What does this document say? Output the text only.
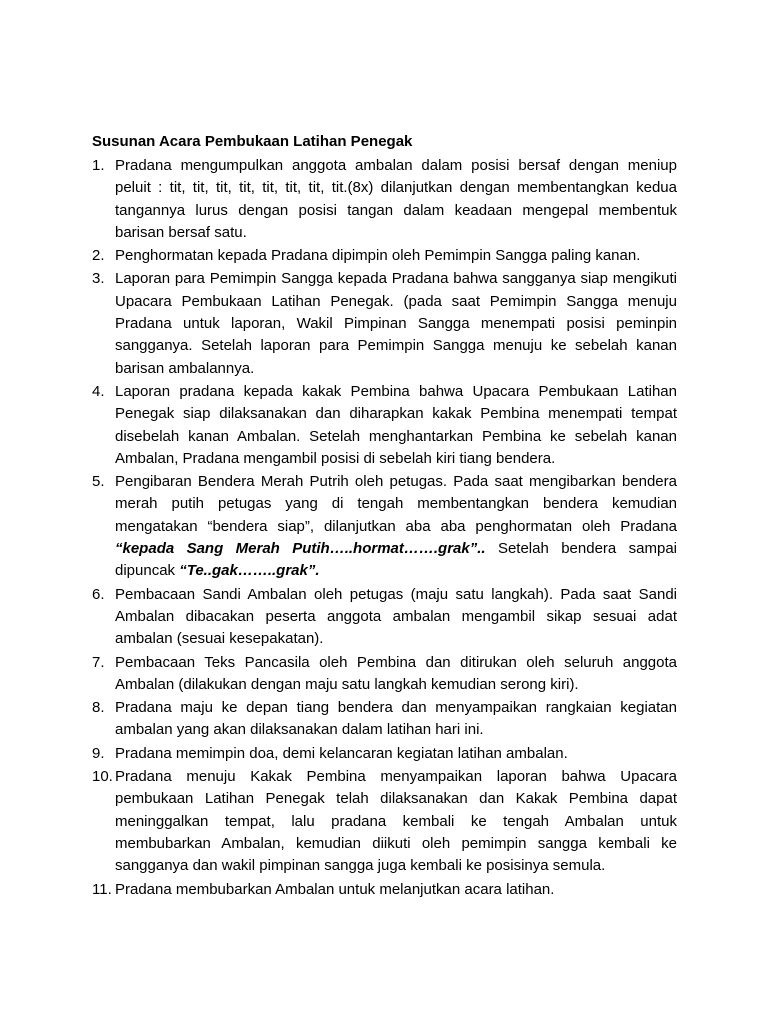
Susunan Acara Pembukaan Latihan Penegak
1. Pradana mengumpulkan anggota ambalan dalam posisi bersaf dengan meniup peluit : tit, tit, tit, tit, tit, tit, tit, tit.(8x) dilanjutkan dengan membentangkan kedua tangannya lurus dengan posisi tangan dalam keadaan mengepal membentuk barisan bersaf satu.
2. Penghormatan kepada Pradana dipimpin oleh Pemimpin Sangga paling kanan.
3. Laporan para Pemimpin Sangga kepada Pradana bahwa sangganya siap mengikuti Upacara Pembukaan Latihan Penegak. (pada saat Pemimpin Sangga menuju Pradana untuk laporan, Wakil Pimpinan Sangga menempati posisi peminpin sangganya. Setelah laporan para Pemimpin Sangga menuju ke sebelah kanan barisan ambalannya.
4. Laporan pradana kepada kakak Pembina bahwa Upacara Pembukaan Latihan Penegak siap dilaksanakan dan diharapkan kakak Pembina menempati tempat disebelah kanan Ambalan. Setelah menghantarkan Pembina ke sebelah kanan Ambalan, Pradana mengambil posisi di sebelah kiri tiang bendera.
5. Pengibaran Bendera Merah Putrih oleh petugas. Pada saat mengibarkan bendera merah putih petugas yang di tengah membentangkan bendera kemudian mengatakan “bendera siap”, dilanjutkan aba aba penghormatan oleh Pradana “kepada Sang Merah Putih…..hormat…….grak”.. Setelah bendera sampai dipuncak “Te..gak……..grak”.
6. Pembacaan Sandi Ambalan oleh petugas (maju satu langkah). Pada saat Sandi Ambalan dibacakan peserta anggota ambalan mengambil sikap sesuai adat ambalan (sesuai kesepakatan).
7. Pembacaan Teks Pancasila oleh Pembina dan ditirukan oleh seluruh anggota Ambalan (dilakukan dengan maju satu langkah kemudian serong kiri).
8. Pradana maju ke depan tiang bendera dan menyampaikan rangkaian kegiatan ambalan yang akan dilaksanakan dalam latihan hari ini.
9. Pradana memimpin doa, demi kelancaran kegiatan latihan ambalan.
10. Pradana menuju Kakak Pembina menyampaikan laporan bahwa Upacara pembukaan Latihan Penegak telah dilaksanakan dan Kakak Pembina dapat meninggalkan tempat, lalu pradana kembali ke tengah Ambalan untuk membubarkan Ambalan, kemudian diikuti oleh pemimpin sangga kembali ke sangganya dan wakil pimpinan sangga juga kembali ke posisinya semula.
11. Pradana membubarkan Ambalan untuk melanjutkan acara latihan.
